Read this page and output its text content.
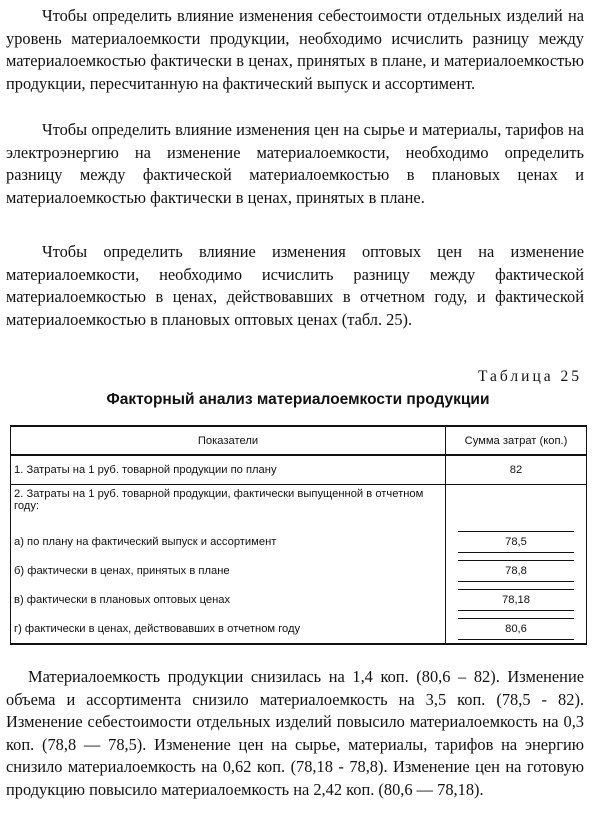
Чтобы определить влияние изменения себестоимости отдельных изделий на уровень материалоемкости продукции, необходимо исчислить разницу между материалоемкостью фактически в ценах, принятых в плане, и материалоемкостью продукции, пересчитанную на фактический выпуск и ассортимент.

Чтобы определить влияние изменения цен на сырье и материалы, тарифов на электроэнергию на изменение материалоемкости, необходимо определить разницу между фактической материалоемкостью в плановых ценах и материалоемкостью фактически в ценах, принятых в плане.

Чтобы определить влияние изменения оптовых цен на изменение материалоемкости, необходимо исчислить разницу между фактической материалоемкостью в ценах, действовавших в отчетном году, и фактической материалоемкостью в плановых оптовых ценах (табл. 25).

Таблица 25
Факторный анализ материалоемкости продукции
Показатели	Сумма затрат (коп.)
1. Затраты на 1 руб. товарной продукции по плану	82
2. Затраты на 1 руб. товарной продукции, фактически выпущенной в отчетном году:	
а) по плану на фактический выпуск и ассортимент	78,5
б) фактически в ценах, принятых в плане	78,8
в) фактически в плановых оптовых ценах	78,18
г) фактически в ценах, действовавших в отчетном году	80,6

Материалоемкость продукции снизилась на 1,4 коп. (80,6 – 82). Изменение объема и ассортимента снизило материалоемкость на 3,5 коп. (78,5 - 82). Изменение себестоимости отдельных изделий повысило материалоемкость на 0,3 коп. (78,8 — 78,5). Изменение цен на сырье, материалы, тарифов на энергию снизило материалоемкость на 0,62 коп. (78,18 - 78,8). Изменение цен на готовую продукцию повысило материалоемкость на 2,42 коп. (80,6 — 78,18).
